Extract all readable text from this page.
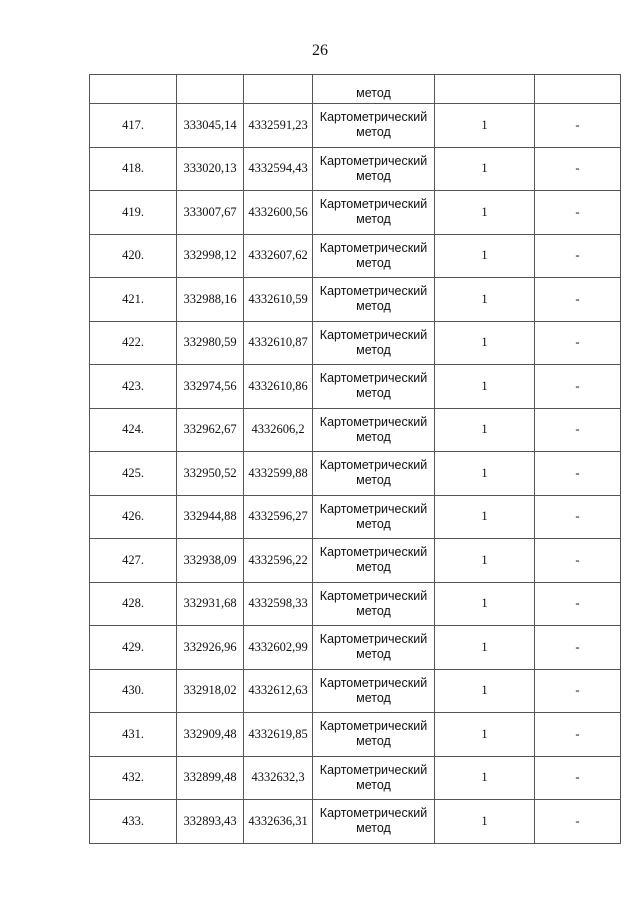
26
			метод		
417.	333045,14	4332591,23	Картометрический метод	1	-
418.	333020,13	4332594,43	Картометрический метод	1	-
419.	333007,67	4332600,56	Картометрический метод	1	-
420.	332998,12	4332607,62	Картометрический метод	1	-
421.	332988,16	4332610,59	Картометрический метод	1	-
422.	332980,59	4332610,87	Картометрический метод	1	-
423.	332974,56	4332610,86	Картометрический метод	1	-
424.	332962,67	4332606,2	Картометрический метод	1	-
425.	332950,52	4332599,88	Картометрический метод	1	-
426.	332944,88	4332596,27	Картометрический метод	1	-
427.	332938,09	4332596,22	Картометрический метод	1	-
428.	332931,68	4332598,33	Картометрический метод	1	-
429.	332926,96	4332602,99	Картометрический метод	1	-
430.	332918,02	4332612,63	Картометрический метод	1	-
431.	332909,48	4332619,85	Картометрический метод	1	-
432.	332899,48	4332632,3	Картометрический метод	1	-
433.	332893,43	4332636,31	Картометрический метод	1	-
